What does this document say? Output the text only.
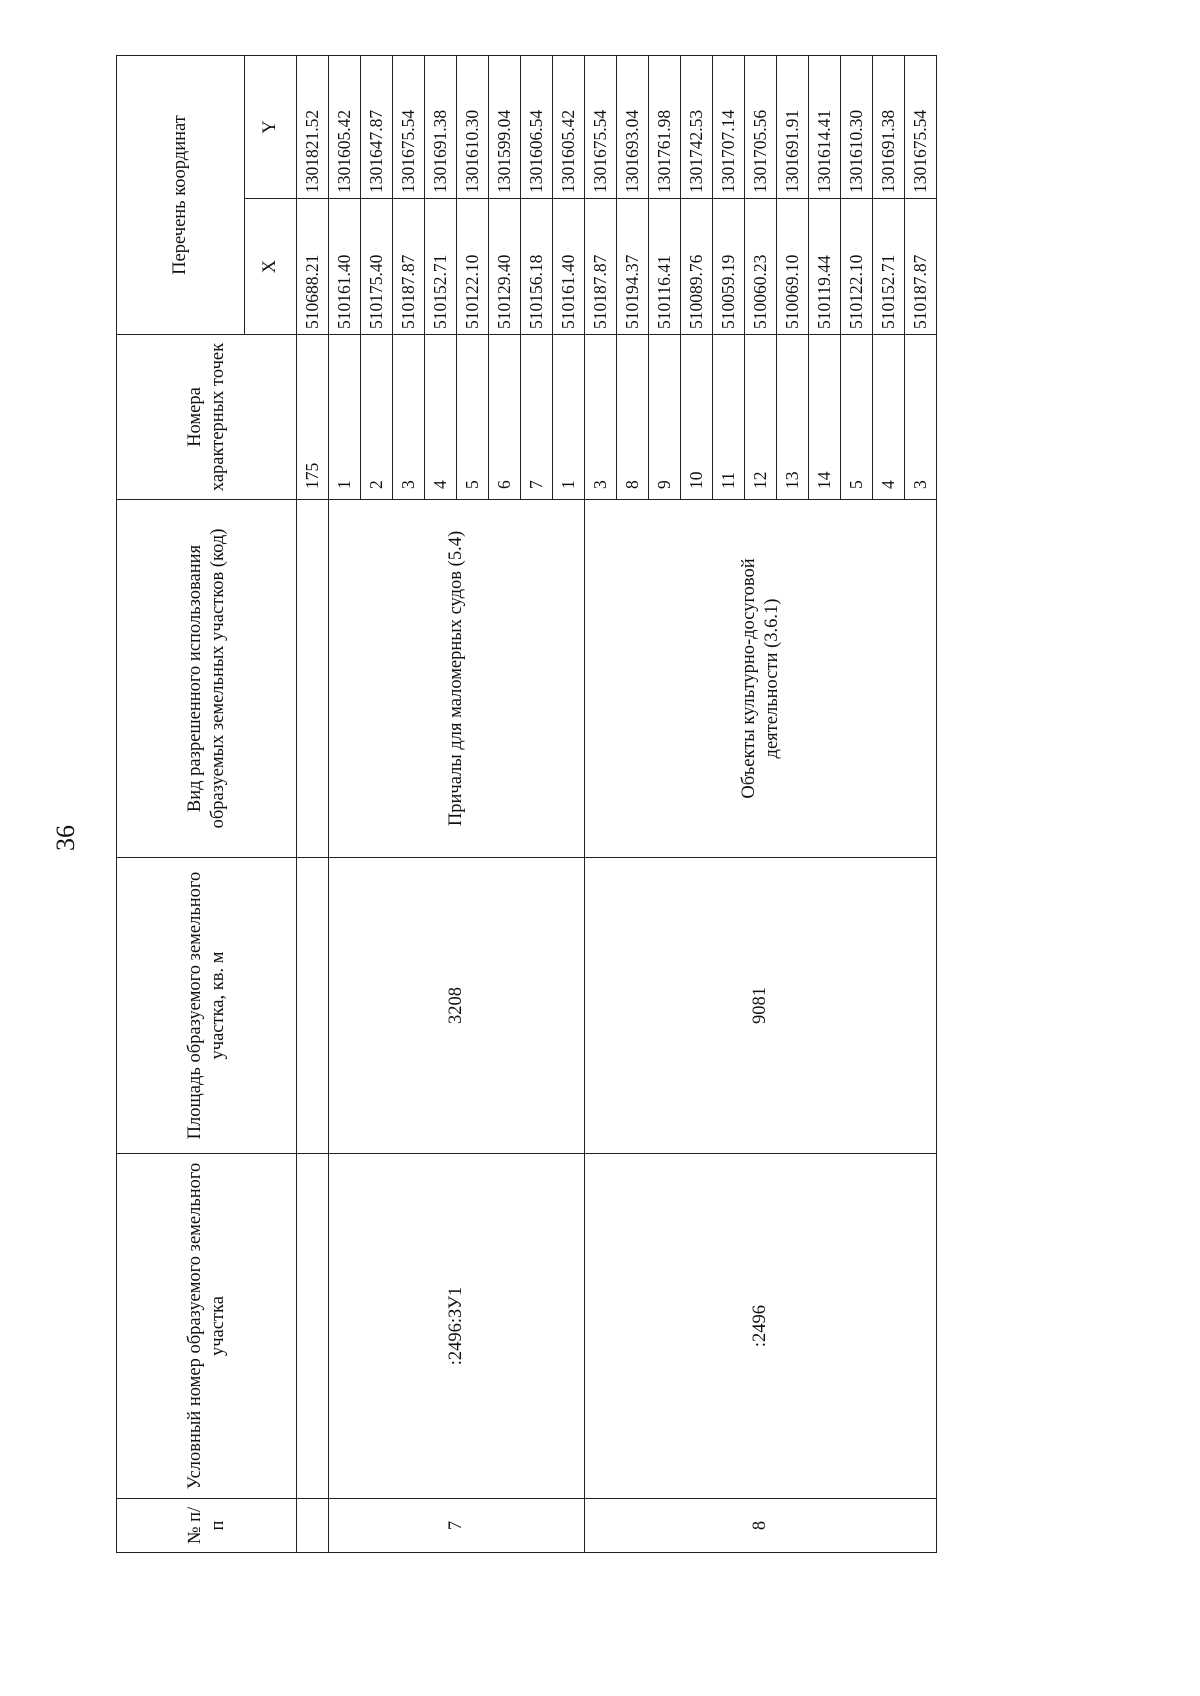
36
№ п/п	Условный номер образуемого земельного участка	Площадь образуемого земельного участка, кв. м	Вид разрешенного использования образуемых земельных участков (код)	Номера характерных точек	Перечень координат	
					X	Y
				175	510688.21	1301821.52
7	:2496:ЗУ1	3208	Причалы для маломерных судов (5.4)	1	510161.40	1301605.42
				2	510175.40	1301647.87
				3	510187.87	1301675.54
				4	510152.71	1301691.38
				5	510122.10	1301610.30
				6	510129.40	1301599.04
				7	510156.18	1301606.54
				1	510161.40	1301605.42
8	:2496	9081	Объекты культурно-досуговой деятельности (3.6.1)	3	510187.87	1301675.54
				8	510194.37	1301693.04
				9	510116.41	1301761.98
				10	510089.76	1301742.53
				11	510059.19	1301707.14
				12	510060.23	1301705.56
				13	510069.10	1301691.91
				14	510119.44	1301614.41
				5	510122.10	1301610.30
				4	510152.71	1301691.38
				3	510187.87	1301675.54
